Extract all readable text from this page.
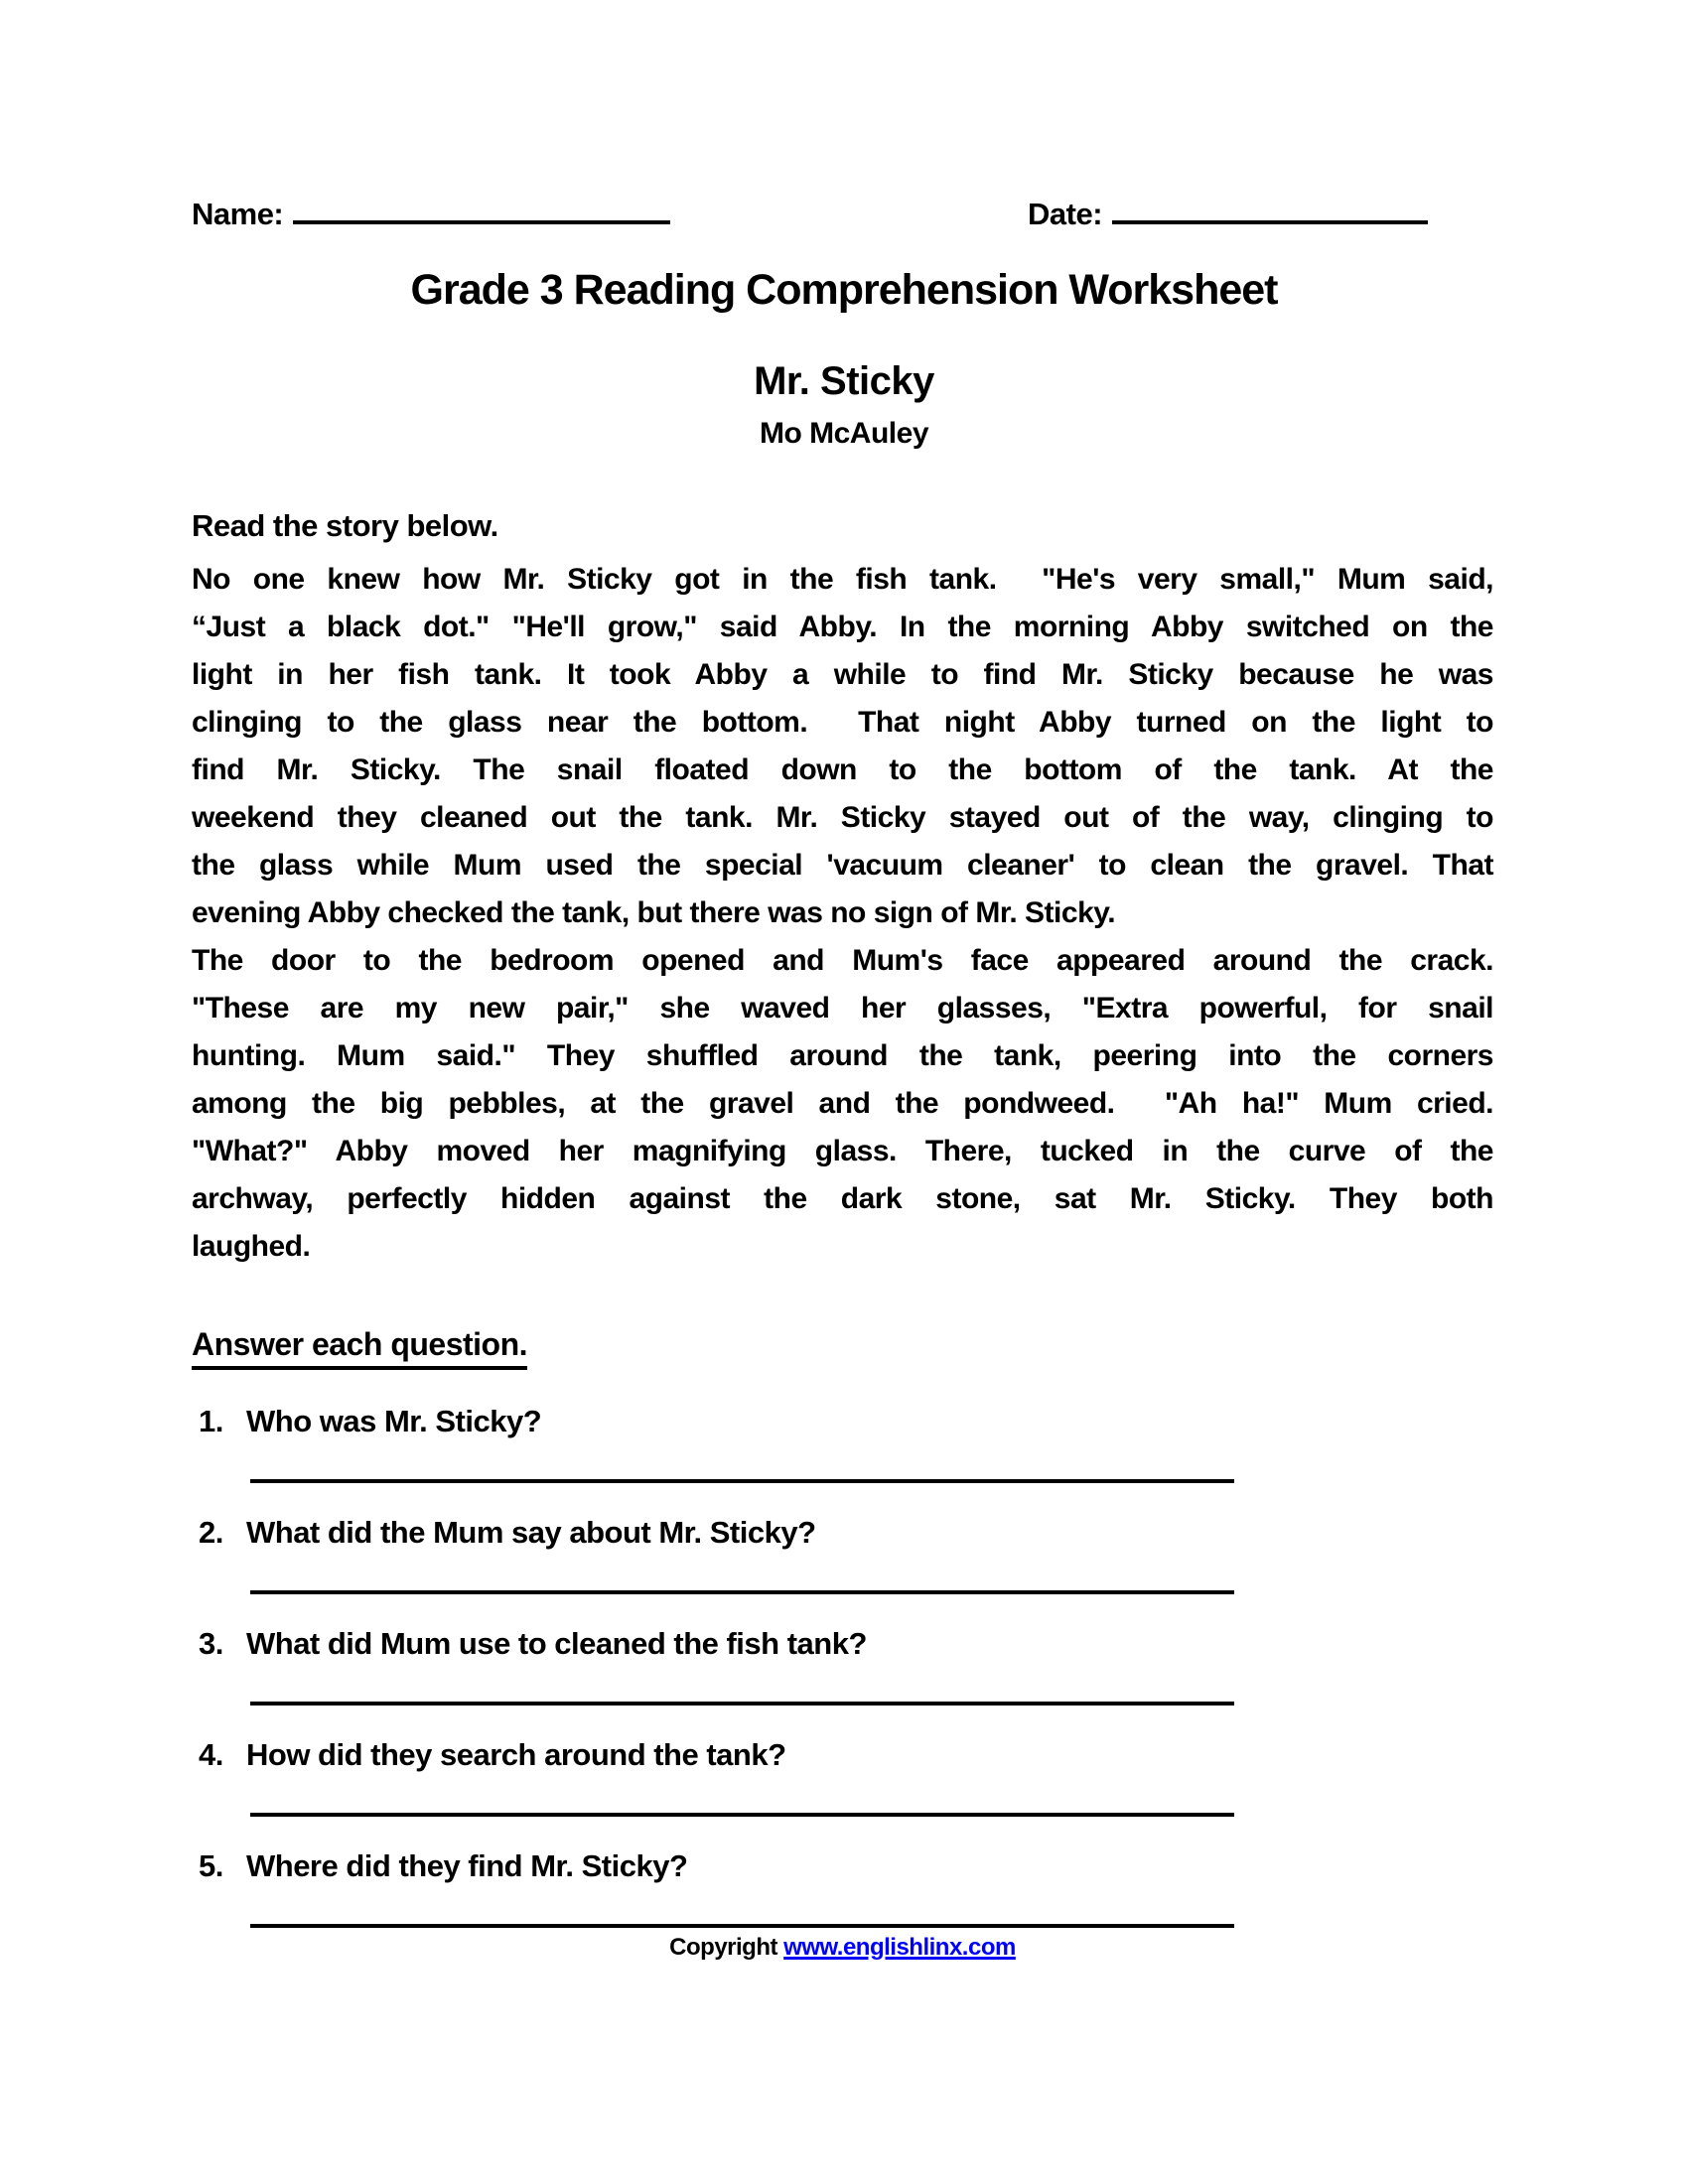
Name:	Date:
Grade 3 Reading Comprehension Worksheet
Mr. Sticky
Mo McAuley
Read the story below.
No one knew how Mr. Sticky got in the fish tank.  "He's very small," Mum said,
“Just a black dot." "He'll grow," said Abby. In the morning Abby switched on the
light in her fish tank. It took Abby a while to find Mr. Sticky because he was
clinging to the glass near the bottom.  That night Abby turned on the light to
find Mr. Sticky. The snail floated down to the bottom of the tank. At the
weekend they cleaned out the tank. Mr. Sticky stayed out of the way, clinging to
the glass while Mum used the special 'vacuum cleaner' to clean the gravel. That
evening Abby checked the tank, but there was no sign of Mr. Sticky.
The door to the bedroom opened and Mum's face appeared around the crack.
"These are my new pair," she waved her glasses, "Extra powerful, for snail
hunting. Mum said." They shuffled around the tank, peering into the corners
among the big pebbles, at the gravel and the pondweed.  "Ah ha!" Mum cried.
"What?" Abby moved her magnifying glass. There, tucked in the curve of the
archway, perfectly hidden against the dark stone, sat Mr. Sticky. They both
laughed.
Answer each question.
1. Who was Mr. Sticky?
2. What did the Mum say about Mr. Sticky?
3. What did Mum use to cleaned the fish tank?
4. How did they search around the tank?
5. Where did they find Mr. Sticky?
Copyright www.englishlinx.com
